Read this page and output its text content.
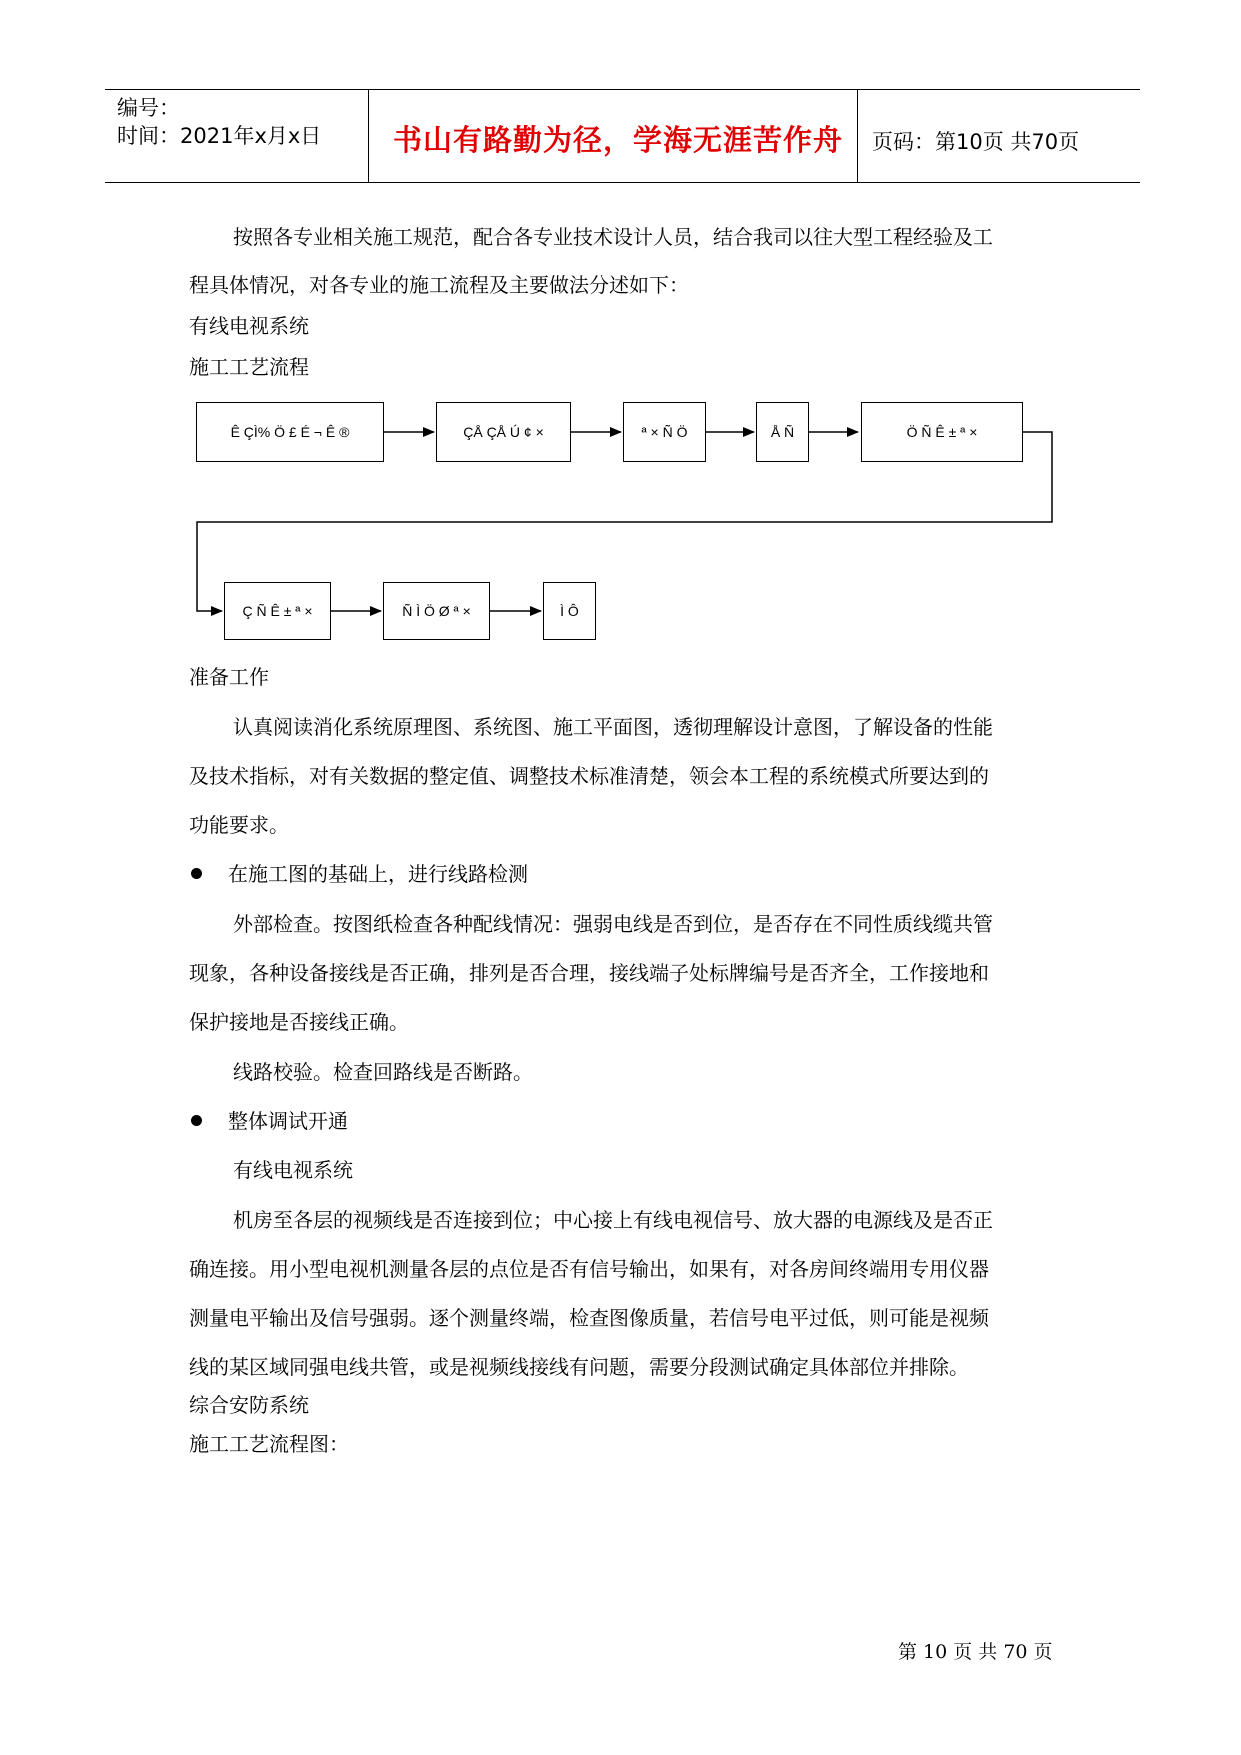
编号：
时间：2021年x月x日 书山有路勤为径，学海无涯苦作舟 页码：第10页 共70页
按照各专业相关施工规范，配合各专业技术设计人员，结合我司以往大型工程经验及工
程具体情况，对各专业的施工流程及主要做法分述如下：
有线电视系统
施工工艺流程
Ê ÇÌ% Ö £ É ¬ Ê ®	ÇÅ ÇÅ Ú ¢ ×	ª × Ñ Ö	Å Ñ	Ö Ñ Ê ± ª ×
Ç Ñ Ê ± ª ×	Ñ Ì Ö Ø ª ×	Ì Ô
准备工作
认真阅读消化系统原理图、系统图、施工平面图，透彻理解设计意图，了解设备的性能
及技术指标，对有关数据的整定值、调整技术标准清楚，领会本工程的系统模式所要达到的
功能要求。
在施工图的基础上，进行线路检测
外部检查。按图纸检查各种配线情况：强弱电线是否到位，是否存在不同性质线缆共管
现象，各种设备接线是否正确，排列是否合理，接线端子处标牌编号是否齐全，工作接地和
保护接地是否接线正确。
线路校验。检查回路线是否断路。
整体调试开通
有线电视系统
机房至各层的视频线是否连接到位；中心接上有线电视信号、放大器的电源线及是否正
确连接。用小型电视机测量各层的点位是否有信号输出，如果有，对各房间终端用专用仪器
测量电平输出及信号强弱。逐个测量终端，检查图像质量，若信号电平过低，则可能是视频
线的某区域同强电线共管，或是视频线接线有问题，需要分段测试确定具体部位并排除。
综合安防系统
施工工艺流程图：
第 10 页 共 70 页
